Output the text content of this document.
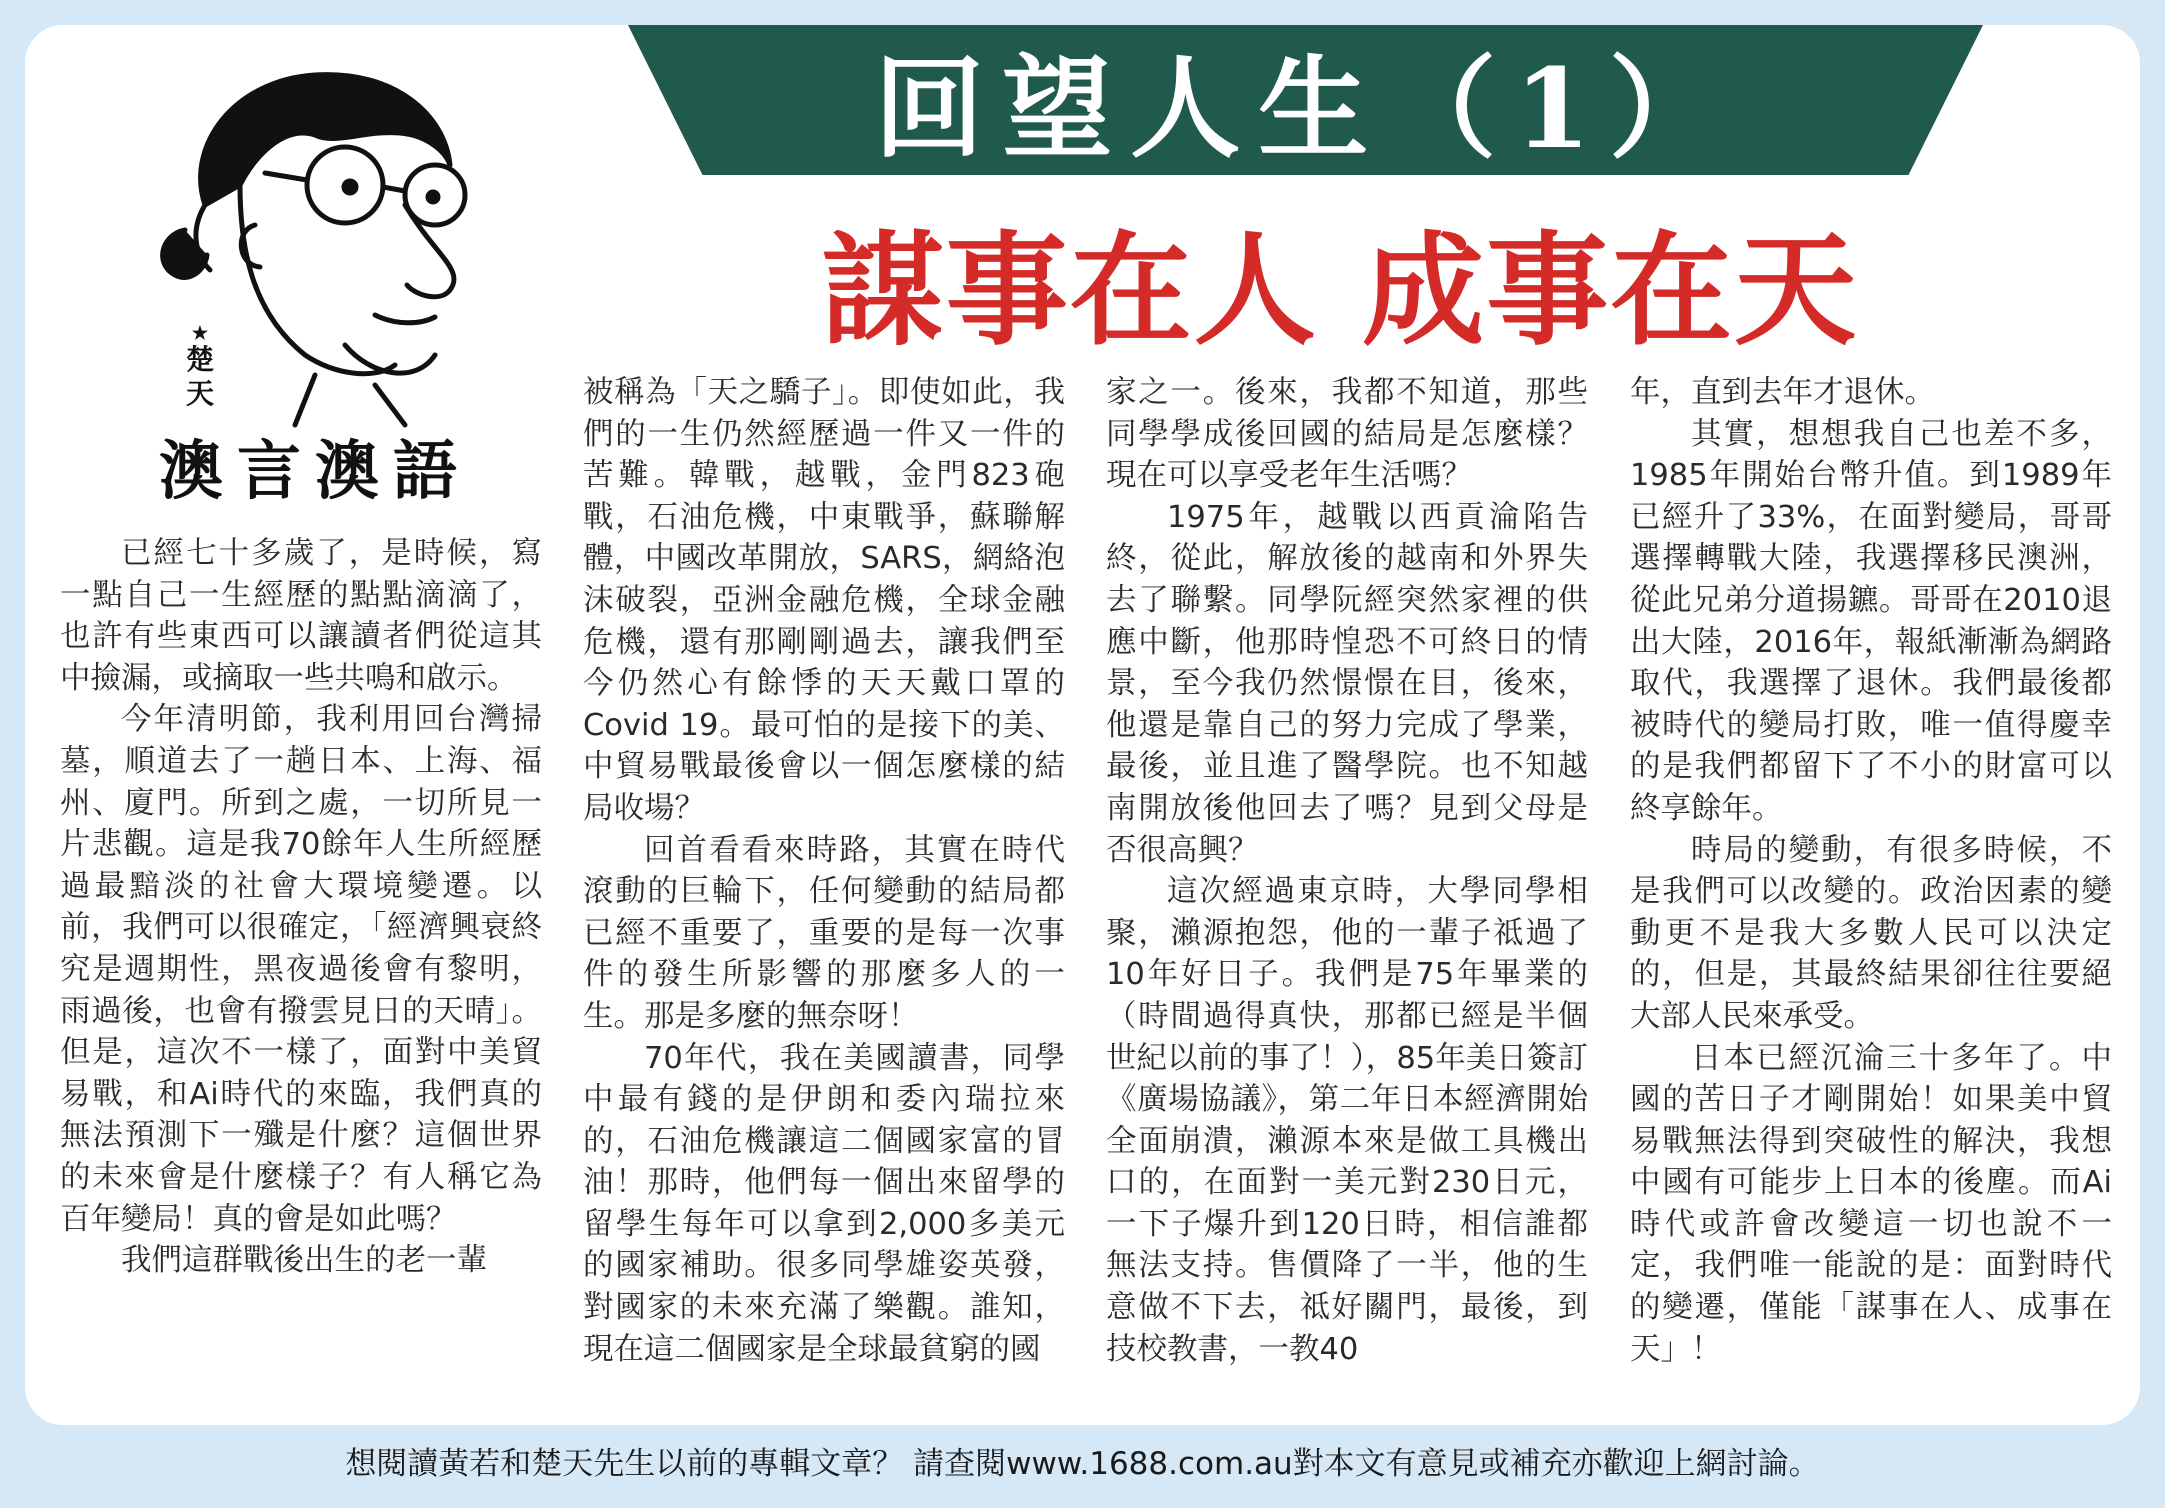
回望人生（1）
謀事在人 成事在天
★
楚
天
澳言澳語

已經七十多歲了，是時候，寫一點自己一生經歷的點點滴滴了，也許有些東西可以讓讀者們從這其中撿漏，或摘取一些共鳴和啟示。

今年清明節，我利用回台灣掃墓，順道去了一趟日本、上海、福州、廈門。所到之處，一切所見一片悲觀。這是我70餘年人生所經歷過最黯淡的社會大環境變遷。以前，我們可以很確定，「經濟興衰終究是週期性，黑夜過後會有黎明，雨過後，也會有撥雲見日的天晴」。但是，這次不一樣了，面對中美貿易戰，和Ai時代的來臨，我們真的無法預測下一殲是什麼？這個世界的未來會是什麼樣子？有人稱它為百年變局！真的會是如此嗎？

我們這群戰後出生的老一輩

被稱為「天之驕子」。即使如此，我們的一生仍然經歷過一件又一件的苦難。韓戰，越戰，金門823砲戰，石油危機，中東戰爭，蘇聯解體，中國改革開放，SARS，網絡泡沫破裂，亞洲金融危機，全球金融危機，還有那剛剛過去，讓我們至今仍然心有餘悸的天天戴口罩的Covid 19。最可怕的是接下的美、中貿易戰最後會以一個怎麼樣的結局收場？

回首看看來時路，其實在時代滾動的巨輪下，任何變動的結局都已經不重要了，重要的是每一次事件的發生所影響的那麼多人的一生。那是多麼的無奈呀！

70年代，我在美國讀書，同學中最有錢的是伊朗和委內瑞拉來的，石油危機讓這二個國家富的冒油！那時，他們每一個出來留學的留學生每年可以拿到2,000多美元的國家補助。很多同學雄姿英發，對國家的未來充滿了樂觀。誰知，現在這二個國家是全球最貧窮的國

家之一。後來，我都不知道，那些同學學成後回國的結局是怎麼樣？現在可以享受老年生活嗎？

1975年，越戰以西貢淪陷告終，從此，解放後的越南和外界失去了聯繫。同學阮經突然家裡的供應中斷，他那時惶恐不可終日的情景，至今我仍然憬憬在目，後來，他還是靠自己的努力完成了學業，最後，並且進了醫學院。也不知越南開放後他回去了嗎？見到父母是否很高興？

這次經過東京時，大學同學相聚，瀨源抱怨，他的一輩子祗過了10年好日子。我們是75年畢業的（時間過得真快，那都已經是半個世紀以前的事了！），85年美日簽訂《廣場協議》，第二年日本經濟開始全面崩潰，瀨源本來是做工具機出口的，在面對一美元對230日元，一下子爆升到120日時，相信誰都無法支持。售價降了一半，他的生意做不下去，祗好關門，最後，到技校教書，一教40

年，直到去年才退休。

其實，想想我自己也差不多，1985年開始台幣升值。到1989年已經升了33%，在面對變局，哥哥選擇轉戰大陸，我選擇移民澳洲，從此兄弟分道揚鑣。哥哥在2010退出大陸，2016年，報紙漸漸為網路取代，我選擇了退休。我們最後都被時代的變局打敗，唯一值得慶幸的是我們都留下了不小的財富可以終享餘年。

時局的變動，有很多時候，不是我們可以改變的。政治因素的變動更不是我大多數人民可以決定的，但是，其最終結果卻往往要絕大部人民來承受。

日本已經沉淪三十多年了。中國的苦日子才剛開始！如果美中貿易戰無法得到突破性的解決，我想中國有可能步上日本的後塵。而Ai時代或許會改變這一切也說不一定，我們唯一能說的是：面對時代的變遷，僅能「謀事在人、成事在天」！

想閱讀黃若和楚天先生以前的專輯文章？ 請查閱www.1688.com.au對本文有意見或補充亦歡迎上網討論。
